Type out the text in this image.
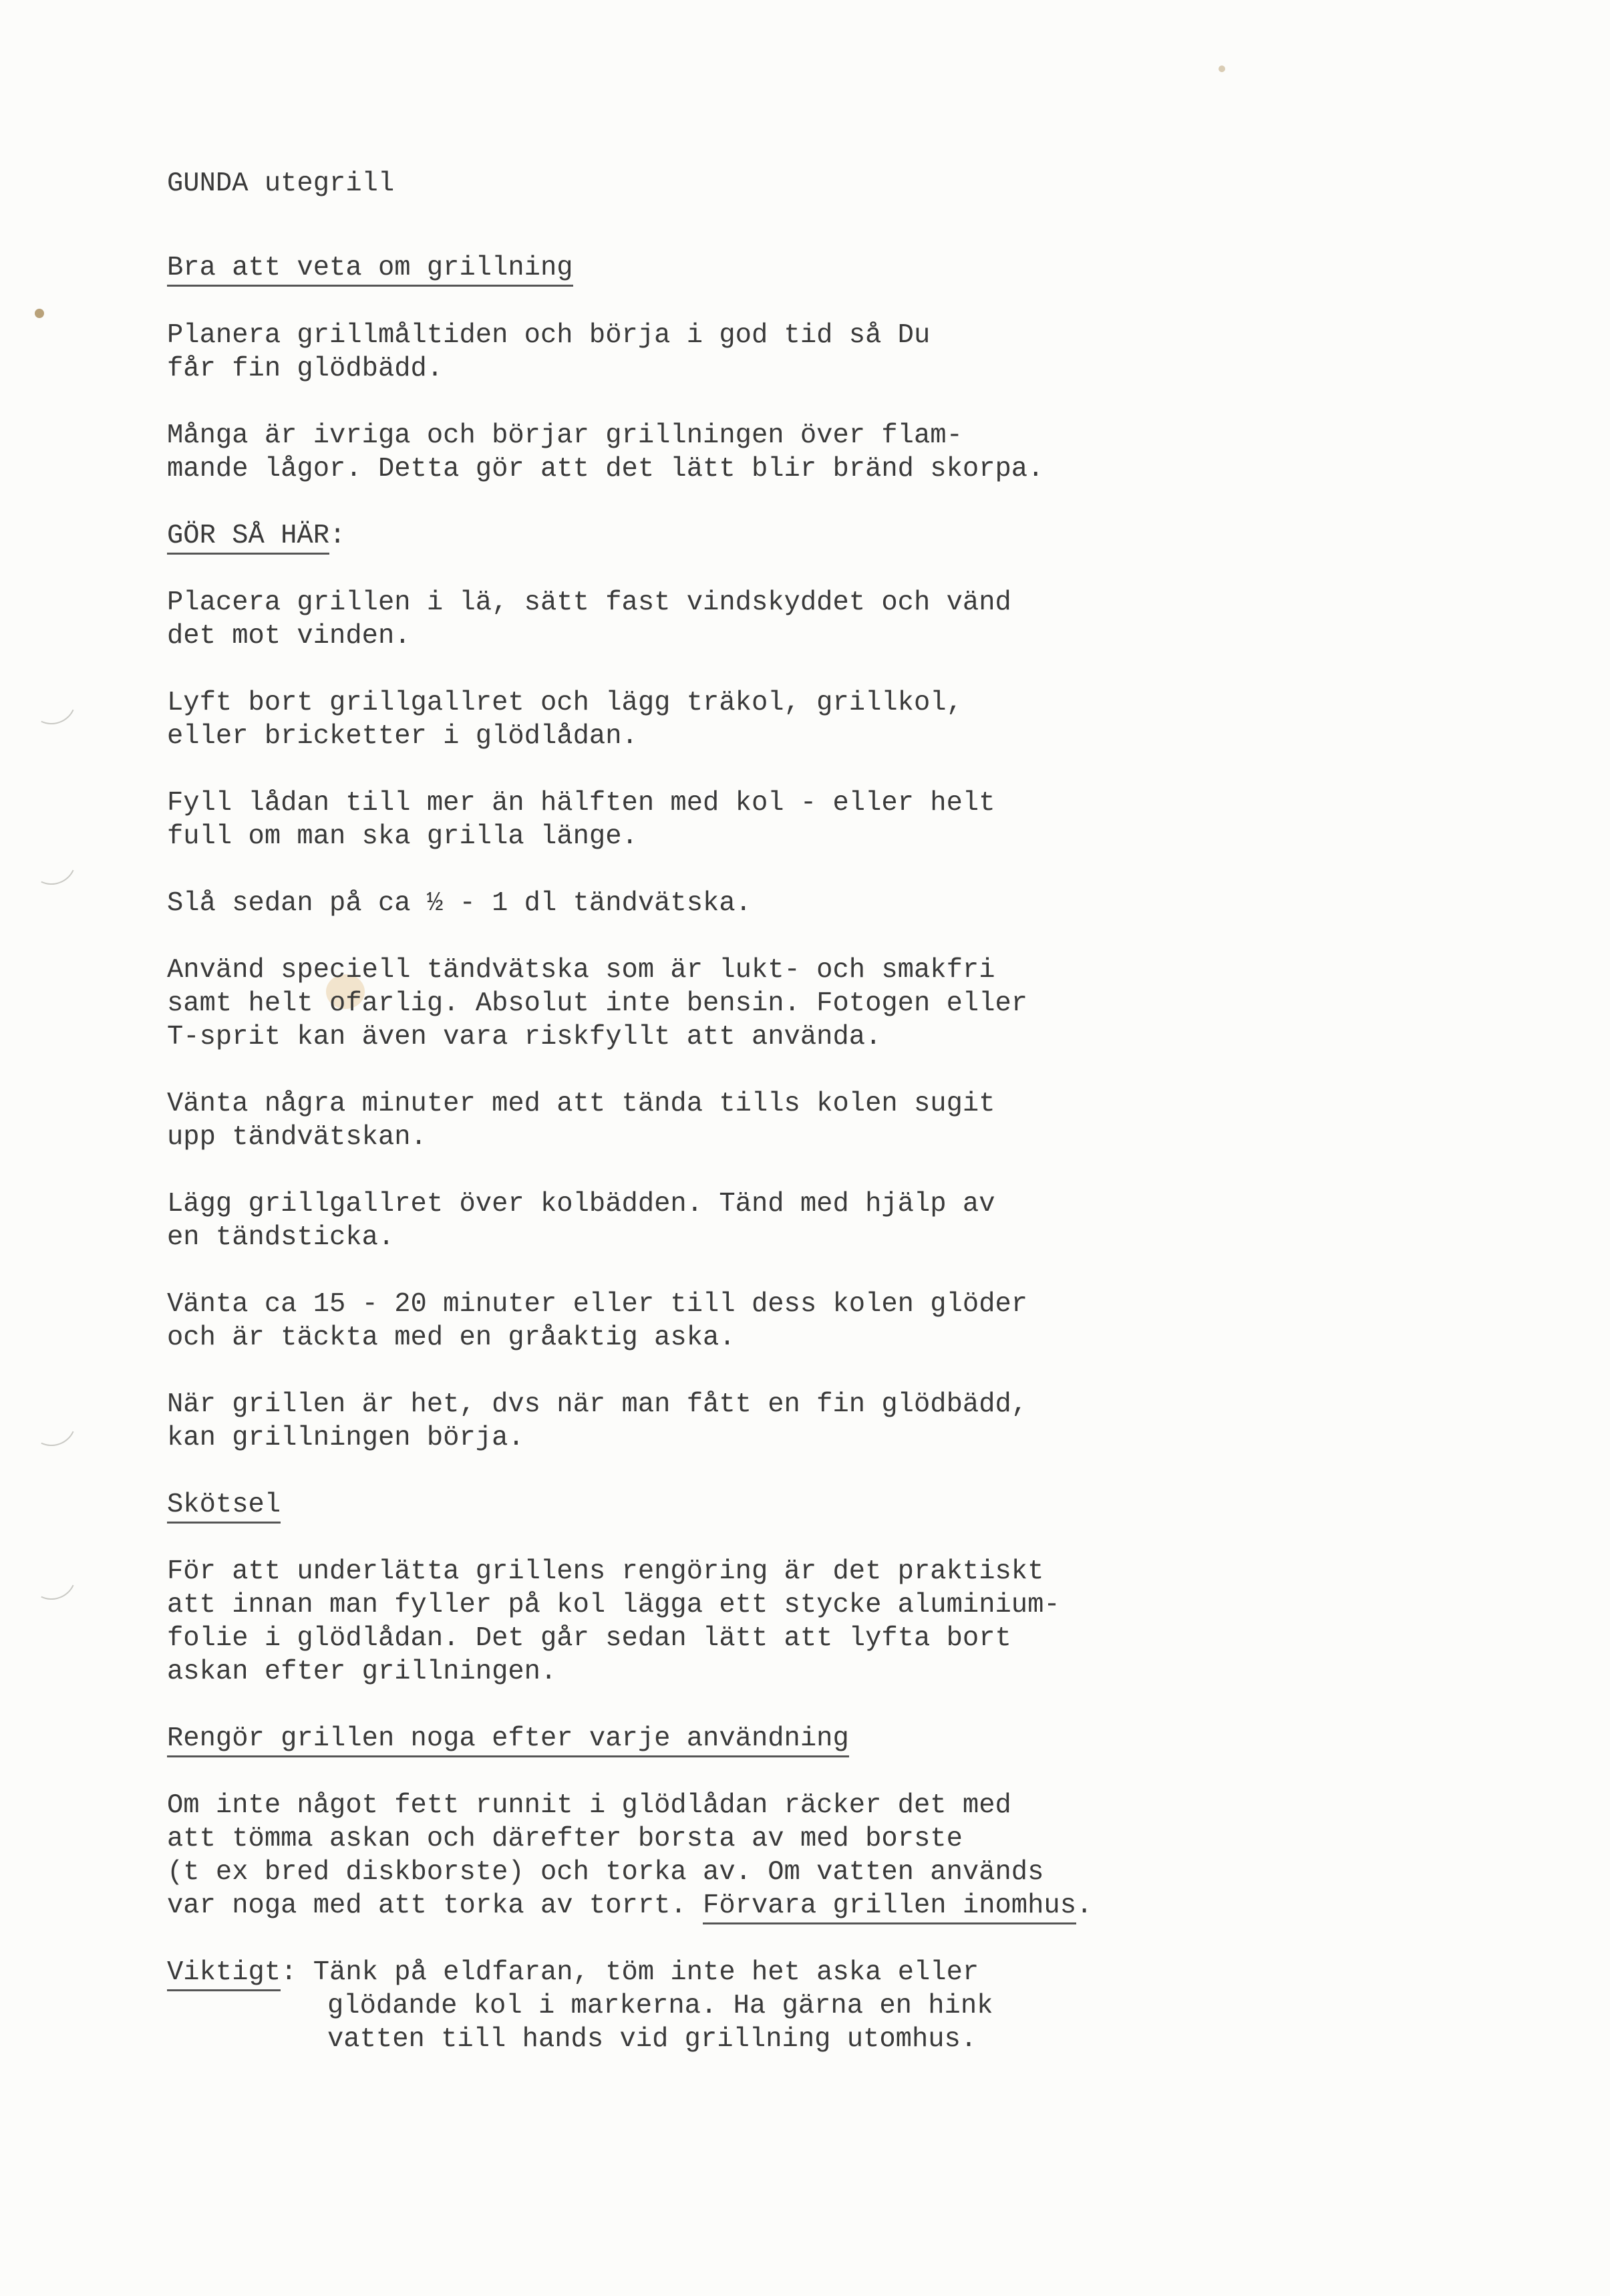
GUNDA utegrill

Bra att veta om grillning

Planera grillmåltiden och börja i god tid så Du

får fin glödbädd.

Många är ivriga och börjar grillningen över flam-

mande lågor. Detta gör att det lätt blir bränd skorpa.

GÖR SÅ HÄR:

Placera grillen i lä, sätt fast vindskyddet och vänd

det mot vinden.

Lyft bort grillgallret och lägg träkol, grillkol,

eller bricketter i glödlådan.

Fyll lådan till mer än hälften med kol - eller helt

full om man ska grilla länge.

Slå sedan på ca ½ - 1 dl tändvätska.

Använd speciell tändvätska som är lukt- och smakfri

samt helt ofarlig. Absolut inte bensin. Fotogen eller

T-sprit kan även vara riskfyllt att använda.

Vänta några minuter med att tända tills kolen sugit

upp tändvätskan.

Lägg grillgallret över kolbädden. Tänd med hjälp av

en tändsticka.

Vänta ca 15 - 20 minuter eller till dess kolen glöder

och är täckta med en gråaktig aska.

När grillen är het, dvs när man fått en fin glödbädd,

kan grillningen börja.

Skötsel

För att underlätta grillens rengöring är det praktiskt

att innan man fyller på kol lägga ett stycke aluminium-

folie i glödlådan. Det går sedan lätt att lyfta bort

askan efter grillningen.

Rengör grillen noga efter varje användning

Om inte något fett runnit i glödlådan räcker det med

att tömma askan och därefter borsta av med borste

(t ex bred diskborste) och torka av. Om vatten används

var noga med att torka av torrt. Förvara grillen inomhus.

Viktigt: Tänk på eldfaran, töm inte het aska eller

glödande kol i markerna. Ha gärna en hink

vatten till hands vid grillning utomhus.
